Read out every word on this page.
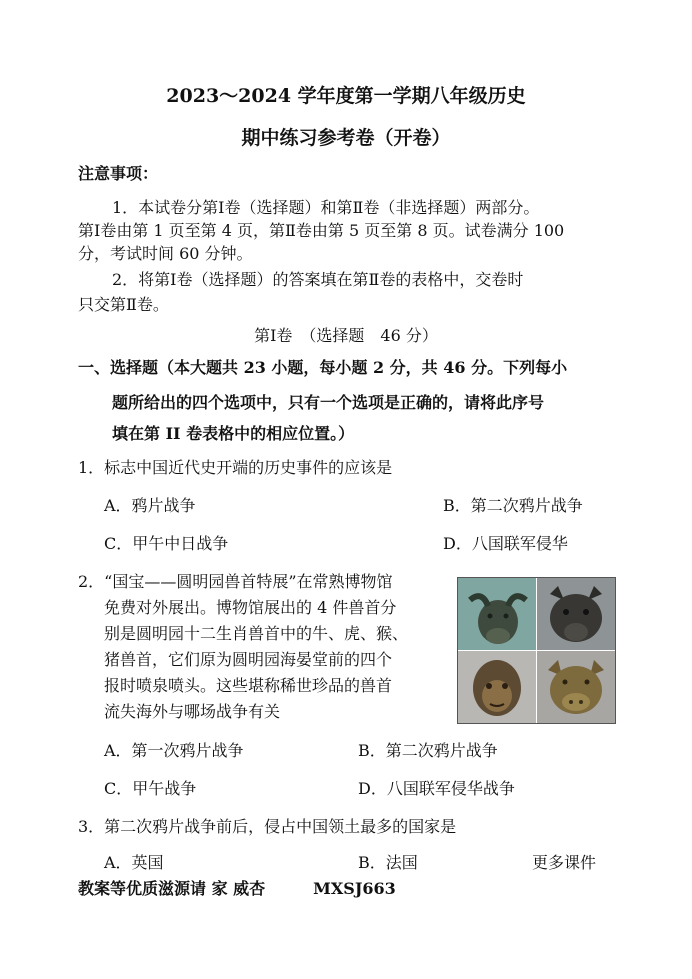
2023～2024 学年度第一学期八年级历史
期中练习参考卷（开卷）
注意事项：
1．本试卷分第Ⅰ卷（选择题）和第Ⅱ卷（非选择题）两部分。
第Ⅰ卷由第 1 页至第 4 页，第Ⅱ卷由第 5 页至第 8 页。试卷满分 100
分，考试时间 60 分钟。
2．将第Ⅰ卷（选择题）的答案填在第Ⅱ卷的表格中，交卷时
只交第Ⅱ卷。
第Ⅰ卷　（选择题　46 分）
一、选择题（本大题共 23 小题，每小题 2 分，共 46 分。下列每小
题所给出的四个选项中，只有一个选项是正确的，请将此序号
填在第 II 卷表格中的相应位置。）
1．标志中国近代史开端的历史事件的应该是
A．鸦片战争	B．第二次鸦片战争
C．甲午中日战争	D．八国联军侵华
2．“国宝——圆明园兽首特展”在常熟博物馆
免费对外展出。博物馆展出的 4 件兽首分
别是圆明园十二生肖兽首中的牛、虎、猴、
猪兽首，它们原为圆明园海晏堂前的四个
报时喷泉喷头。这些堪称稀世珍品的兽首
流失海外与哪场战争有关
A．第一次鸦片战争	B．第二次鸦片战争
C．甲午战争	D．八国联军侵华战争
3．第二次鸦片战争前后，侵占中国领土最多的国家是
A．英国	B．法国	更多课件
教案等优质滋源请 家 威杏　　　MXSJ663
